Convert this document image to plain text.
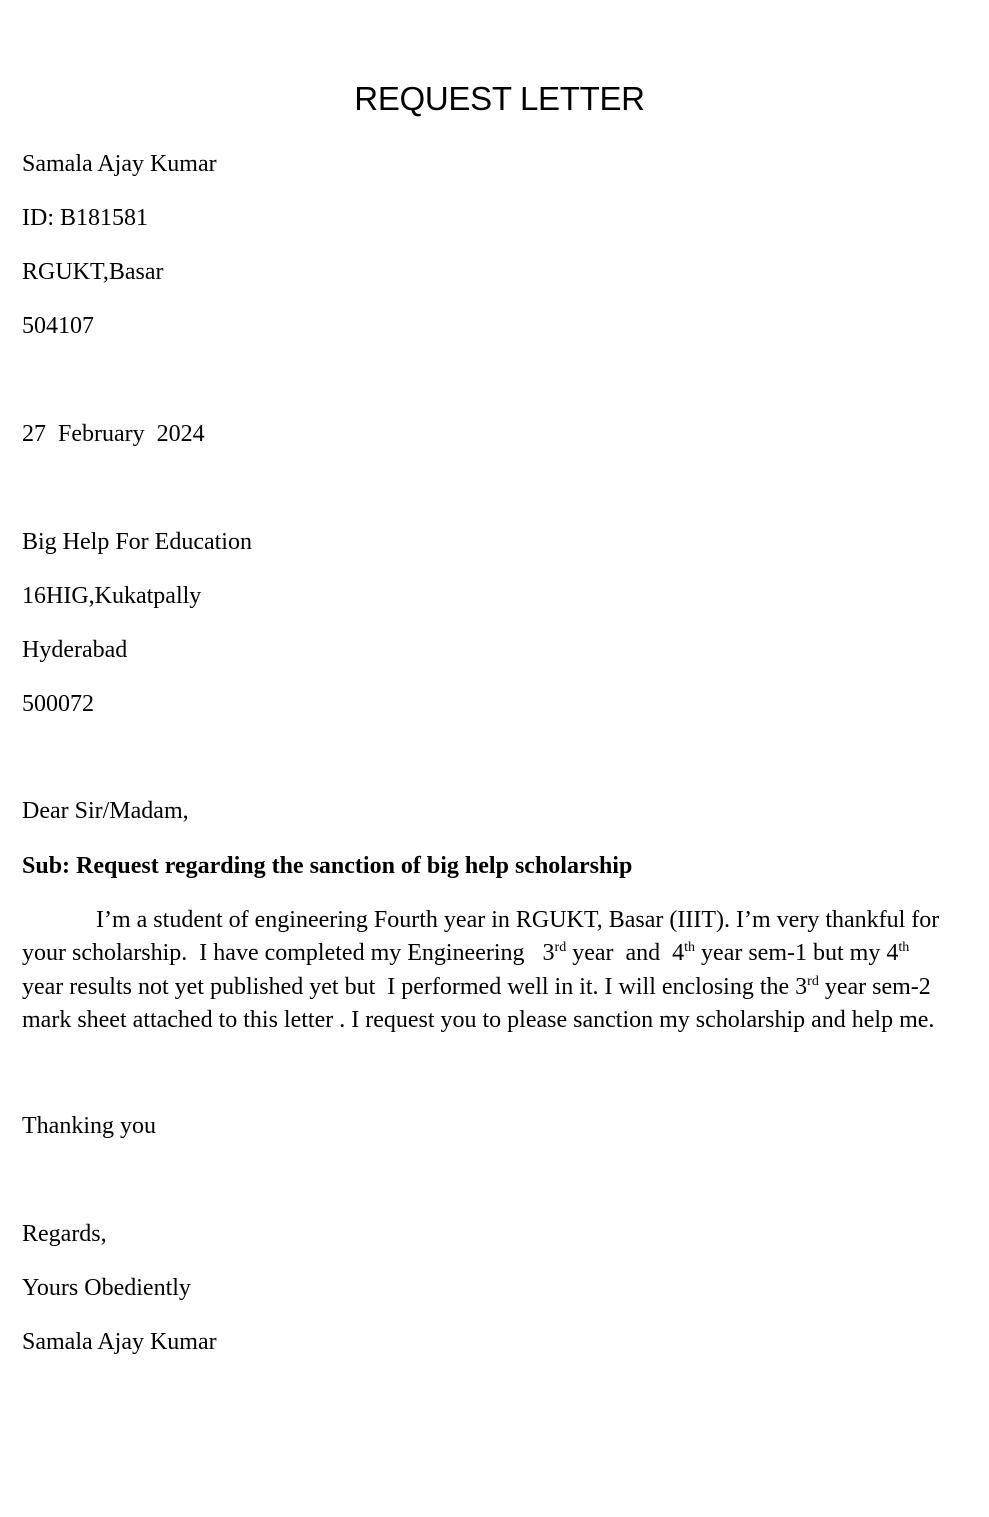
REQUEST LETTER
Samala Ajay Kumar
ID: B181581
RGUKT,Basar
504107
27  February  2024
Big Help For Education
16HIG,Kukatpally
Hyderabad
500072
Dear Sir/Madam,
Sub: Request regarding the sanction of big help scholarship
I’m a student of engineering Fourth year in RGUKT, Basar (IIIT). I’m very thankful for
your scholarship.  I have completed my Engineering   3rd year  and  4th year sem-1 but my 4th
year results not yet published yet but  I performed well in it. I will enclosing the 3rd year sem-2
mark sheet attached to this letter . I request you to please sanction my scholarship and help me.
Thanking you
Regards,
Yours Obediently
Samala Ajay Kumar
